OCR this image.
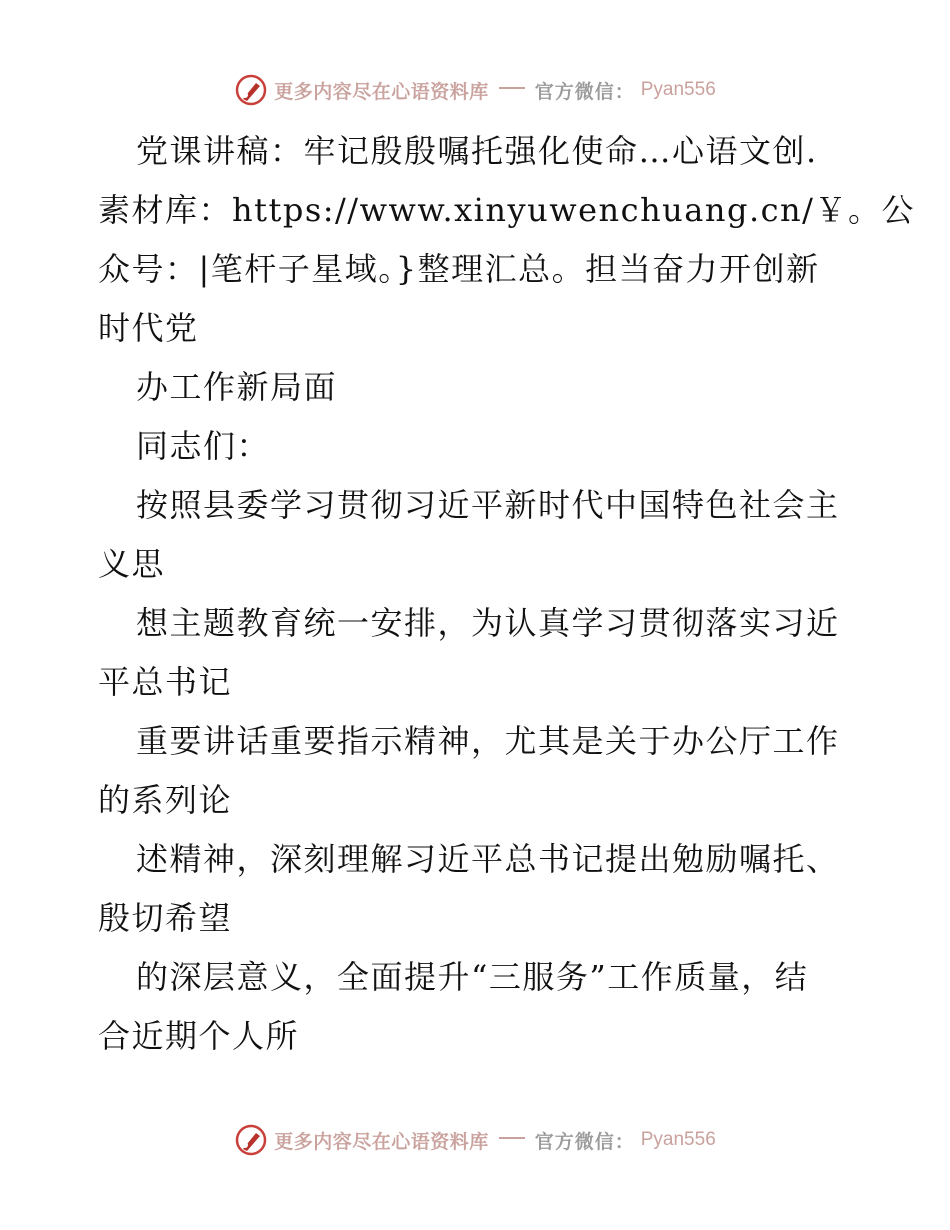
更多内容尽在心语资料库 官方微信： Pyan556
党课讲稿：牢记殷殷嘱托强化使命…心语文创.
素材库：https://www.xinyuwenchuang.cn/￥。公
众号：|笔杆子星域。}整理汇总。担当奋力开创新
时代党
办工作新局面
同志们：
按照县委学习贯彻习近平新时代中国特色社会主
义思
想主题教育统一安排，为认真学习贯彻落实习近
平总书记
重要讲话重要指示精神，尤其是关于办公厅工作
的系列论
述精神，深刻理解习近平总书记提出勉励嘱托、
殷切希望
的深层意义，全面提升“三服务”工作质量，结
合近期个人所
更多内容尽在心语资料库 官方微信： Pyan556
